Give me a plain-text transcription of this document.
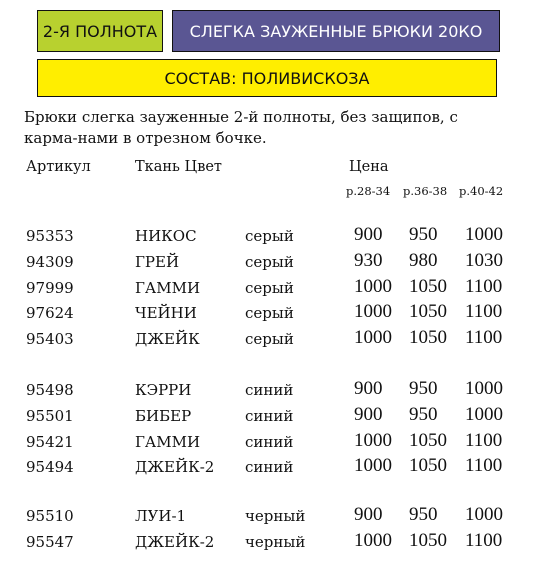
2-Я ПОЛНОТА	СЛЕГКА ЗАУЖЕННЫЕ БРЮКИ 20КО
СОСТАВ: ПОЛИВИСКОЗА
Брюки слегка зауженные 2-й полноты, без защипов, с карма-нами в отрезном бочке.
Артикул	Ткань Цвет	Цена
р.28-34 р.36-38 р.40-42
95353	НИКОС	серый	900 950 1000
94309	ГРЕЙ	серый	930 980 1030
97999	ГАММИ	серый	1000 1050 1100
97624	ЧЕЙНИ	серый	1000 1050 1100
95403	ДЖЕЙК	серый	1000 1050 1100
95498	КЭРРИ	синий	900 950 1000
95501	БИБЕР	синий	900 950 1000
95421	ГАММИ	синий	1000 1050 1100
95494	ДЖЕЙК-2 синий	1000 1050 1100
95510	ЛУИ-1	черный	900 950 1000
95547	ДЖЕЙК-2 черный	1000 1050 1100
